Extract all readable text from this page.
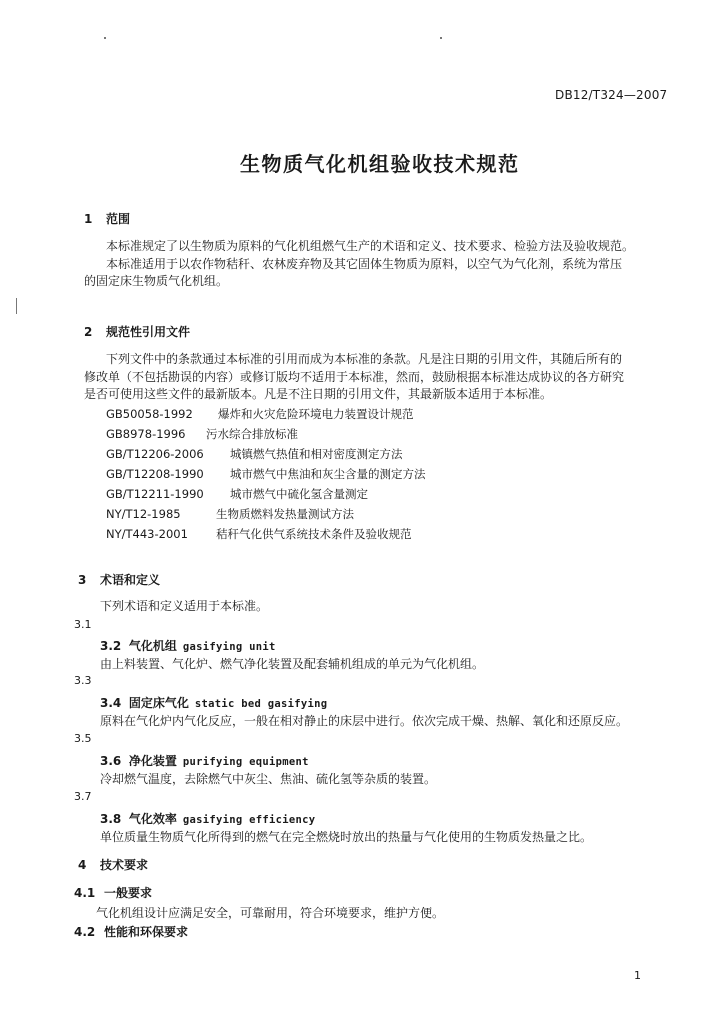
DB12/T324—2007
生物质气化机组验收技术规范
1 范围
本标准规定了以生物质为原料的气化机组燃气生产的术语和定义、技术要求、检验方法及验收规范。
本标准适用于以农作物秸秆、农林废弃物及其它固体生物质为原料，以空气为气化剂，系统为常压
的固定床生物质气化机组。
2 规范性引用文件
下列文件中的条款通过本标准的引用而成为本标准的条款。凡是注日期的引用文件，其随后所有的
修改单（不包括勘误的内容）或修订版均不适用于本标准，然而，鼓励根据本标准达成协议的各方研究
是否可使用这些文件的最新版本。凡是不注日期的引用文件，其最新版本适用于本标准。
GB50058-1992 爆炸和火灾危险环境电力装置设计规范
GB8978-1996 污水综合排放标准
GB/T12206-2006 城镇燃气热值和相对密度测定方法
GB/T12208-1990 城市燃气中焦油和灰尘含量的测定方法
GB/T12211-1990 城市燃气中硫化氢含量测定
NY/T12-1985	生物质燃料发热量测试方法
NY/T443-2001 秸秆气化供气系统技术条件及验收规范
3 术语和定义
下列术语和定义适用于本标准。
3.1
3.2 气化机组 gasifying unit
由上料装置、气化炉、燃气净化装置及配套辅机组成的单元为气化机组。
3.3
3.4 固定床气化 static bed gasifying
原料在气化炉内气化反应，一般在相对静止的床层中进行。依次完成干燥、热解、氧化和还原反应。
3.5
3.6 净化装置 purifying equipment
冷却燃气温度，去除燃气中灰尘、焦油、硫化氢等杂质的装置。
3.7
3.8 气化效率 gasifying efficiency
单位质量生物质气化所得到的燃气在完全燃烧时放出的热量与气化使用的生物质发热量之比。
4 技术要求
4.1 一般要求
气化机组设计应满足安全，可靠耐用，符合环境要求，维护方便。
4.2 性能和环保要求
1
